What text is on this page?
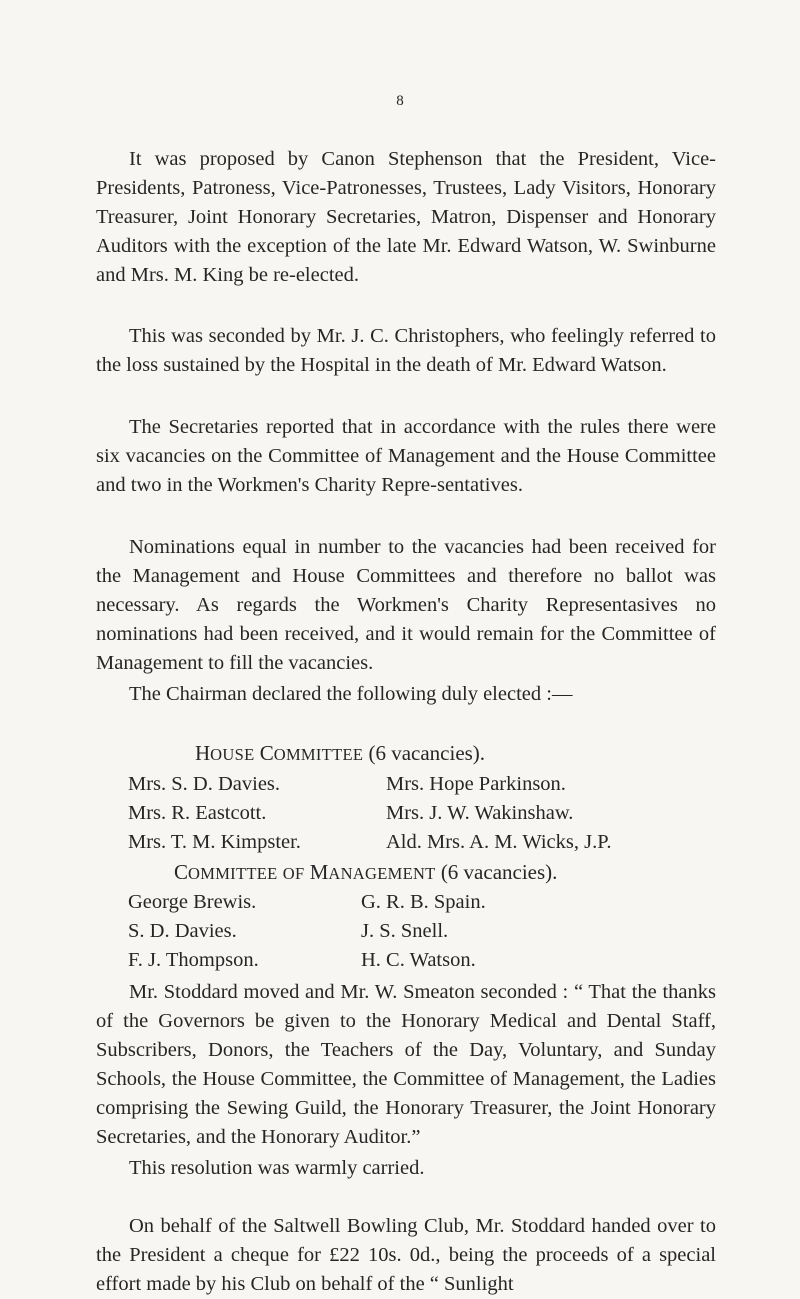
8

It was proposed by Canon Stephenson that the President, Vice-Presidents, Patroness, Vice-Patronesses, Trustees, Lady Visitors, Honorary Treasurer, Joint Honorary Secretaries, Matron, Dispenser and Honorary Auditors with the exception of the late Mr. Edward Watson, W. Swinburne and Mrs. M. King be re-elected.

This was seconded by Mr. J. C. Christophers, who feelingly referred to the loss sustained by the Hospital in the death of Mr. Edward Watson.

The Secretaries reported that in accordance with the rules there were six vacancies on the Committee of Management and the House Committee and two in the Workmen's Charity Repre-sentatives.

Nominations equal in number to the vacancies had been received for the Management and House Committees and therefore no ballot was necessary. As regards the Workmen's Charity Representasives no nominations had been received, and it would remain for the Committee of Management to fill the vacancies.

The Chairman declared the following duly elected :—

HOUSE COMMITTEE (6 vacancies).
Mrs. S. D. Davies.	Mrs. Hope Parkinson.
Mrs. R. Eastcott.	Mrs. J. W. Wakinshaw.
Mrs. T. M. Kimpster.	Ald. Mrs. A. M. Wicks, J.P.
COMMITTEE OF MANAGEMENT (6 vacancies).
George Brewis.	G. R. B. Spain.
S. D. Davies.	J. S. Snell.
F. J. Thompson.	H. C. Watson.

Mr. Stoddard moved and Mr. W. Smeaton seconded : “ That the thanks of the Governors be given to the Honorary Medical and Dental Staff, Subscribers, Donors, the Teachers of the Day, Voluntary, and Sunday Schools, the House Committee, the Committee of Management, the Ladies comprising the Sewing Guild, the Honorary Treasurer, the Joint Honorary Secretaries, and the Honorary Auditor.”

This resolution was warmly carried.

On behalf of the Saltwell Bowling Club, Mr. Stoddard handed over to the President a cheque for £22 10s. 0d., being the proceeds of a special effort made by his Club on behalf of the “ Sunlight
